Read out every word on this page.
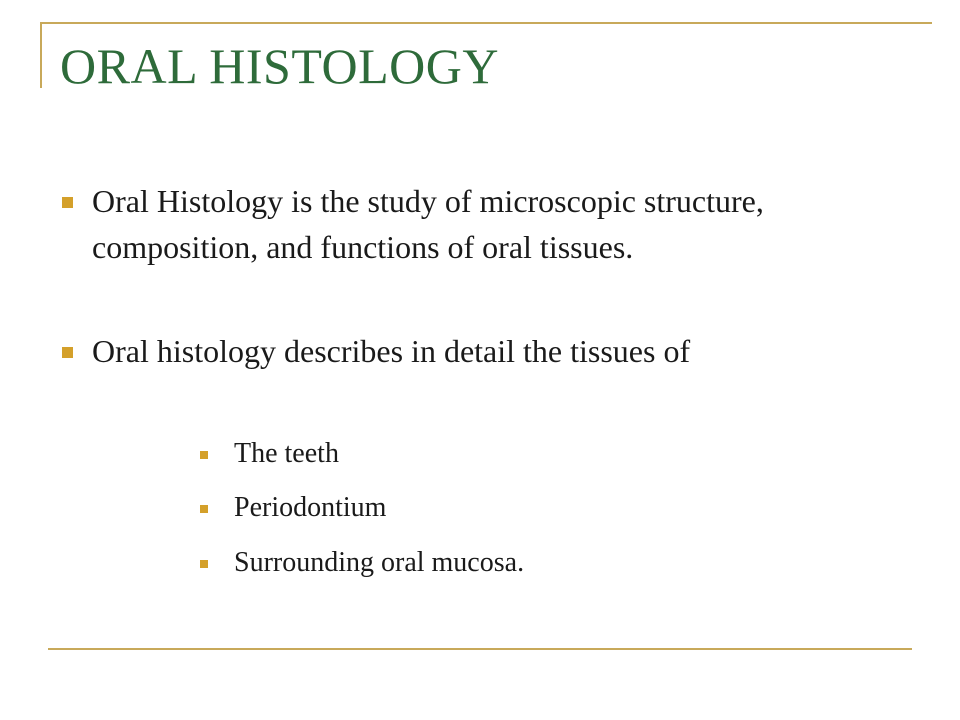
ORAL HISTOLOGY
Oral Histology is the study of microscopic structure, composition, and functions of oral tissues.
Oral histology describes in detail the tissues of
The teeth
Periodontium
Surrounding oral mucosa.
